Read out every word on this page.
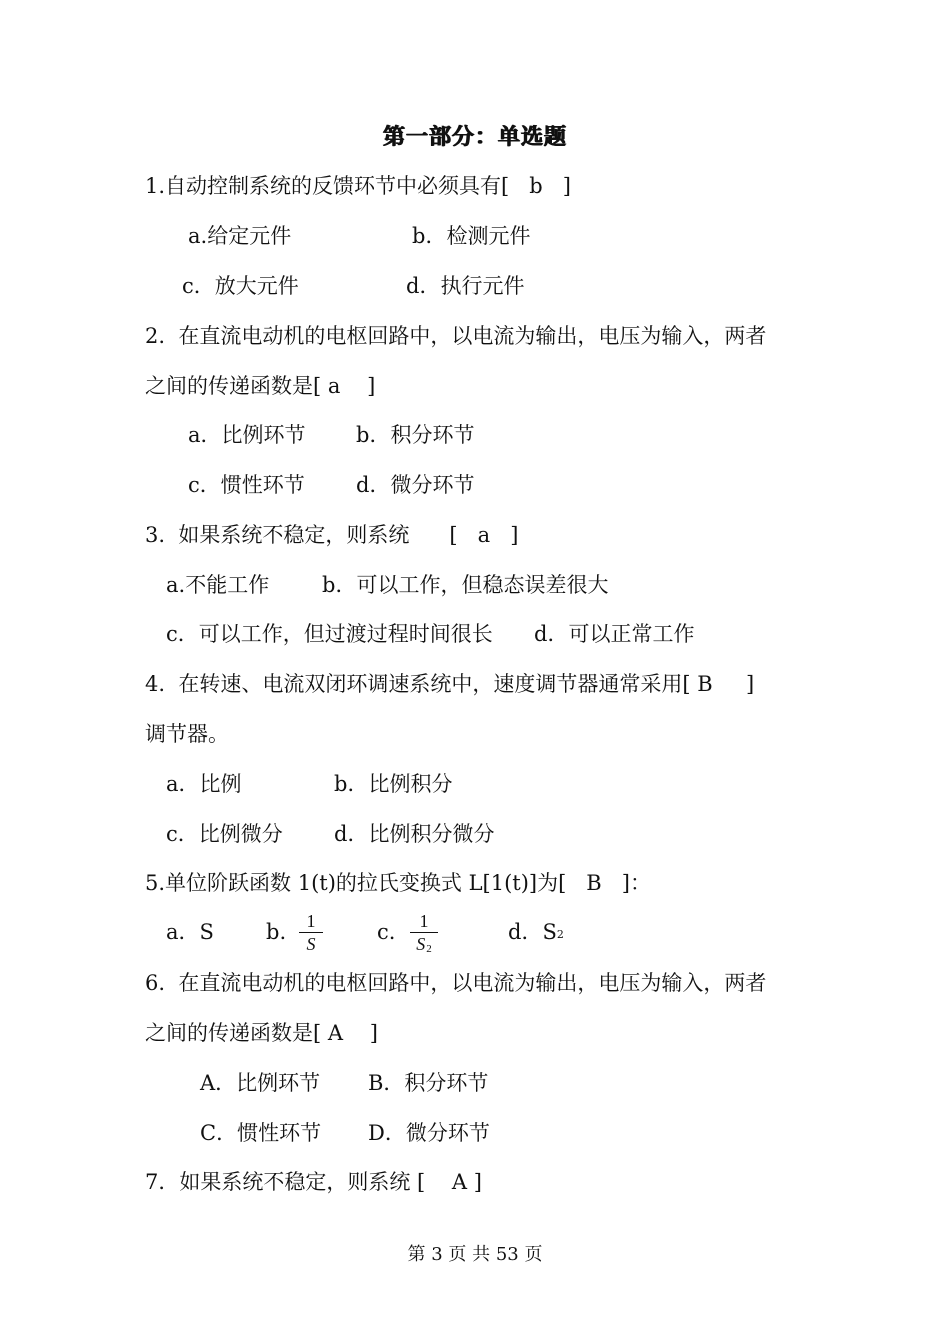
第一部分：单选题
1.自动控制系统的反馈环节中必须具有[   b   ]
a.给定元件	b．检测元件
c．放大元件	d．执行元件
2.  在直流电动机的电枢回路中，以电流为输出，电压为输入，两者
之间的传递函数是[ a    ]
a．比例环节 b．积分环节
c．惯性环节 d．微分环节
3.  如果系统不稳定，则系统      [   a   ]
a.不能工作	b．可以工作，但稳态误差很大
c．可以工作，但过渡过程时间很长 d．可以正常工作
4.  在转速、电流双闭环调速系统中，速度调节器通常采用[ B     ]
调节器。
a．比例	b．比例积分
c．比例微分 d．比例积分微分
5.单位阶跃函数 1(t)的拉氏变换式 L[1(t)]为[   B   ]：
a．S b.	1
S	c.	1
S2
d．S2
6.  在直流电动机的电枢回路中，以电流为输出，电压为输入，两者
之间的传递函数是[ A    ]
A．比例环节 B．积分环节
C．惯性环节 D．微分环节
7．如果系统不稳定，则系统 [    A ]
第 3 页 共 53 页
